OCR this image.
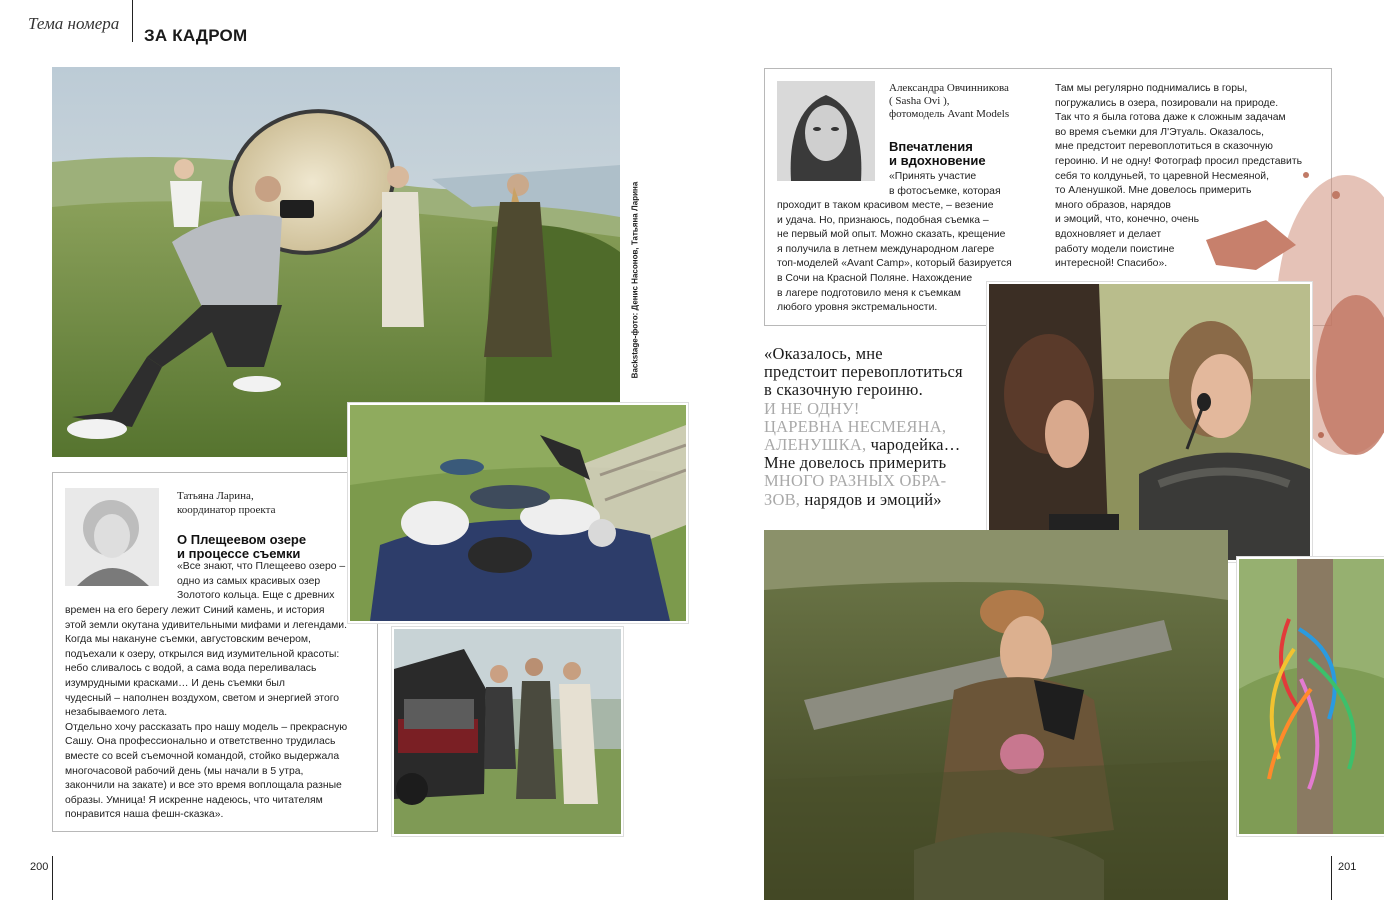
Тема номера
ЗА КАДРОМ
Backstage-фото: Денис Насонов, Татьяна Ларина
Татьяна Ларина,
координатор проекта
О Плещеевом озере
и процессе съемки
«Все знают, что Плещеево озеро –
одно из самых красивых озер
Золотого кольца. Еще с древних
времен на его берегу лежит Синий камень, и история
этой земли окутана удивительными мифами и легендами.
Когда мы накануне съемки, августовским вечером,
подъехали к озеру, открылся вид изумительной красоты:
небо сливалось с водой, а сама вода переливалась
изумрудными красками… И день съемки был
чудесный – наполнен воздухом, светом и энергией этого
незабываемого лета.
Отдельно хочу рассказать про нашу модель – прекрасную
Сашу. Она профессионально и ответственно трудилась
вместе со всей съемочной командой, стойко выдержала
многочасовой рабочий день (мы начали в 5 утра,
закончили на закате) и все это время воплощала разные
образы. Умница! Я искренне надеюсь, что читателям
понравится наша фешн-сказка».
Александра Овчинникова
( Sasha Ovi ),
фотомодель Avant Models
Впечатления
и вдохновение
«Принять участие
в фотосъемке, которая
проходит в таком красивом месте, – везение
и удача. Но, признаюсь, подобная съемка –
не первый мой опыт. Можно сказать, крещение
я получила в летнем международном лагере
топ-моделей «Avant Camp», который базируется
в Сочи на Красной Поляне. Нахождение
в лагере подготовило меня к съемкам
любого уровня экстремальности.
Там мы регулярно поднимались в горы,
погружались в озера, позировали на природе.
Так что я была готова даже к сложным задачам
во время съемки для Л'Этуаль. Оказалось,
мне предстоит перевоплотиться в сказочную
героиню. И не одну! Фотограф просил представить
себя то колдуньей, то царевной Несмеяной,
то Аленушкой. Мне довелось примерить
много образов, нарядов
и эмоций, что, конечно, очень
вдохновляет и делает
работу модели поистине
интересной! Спасибо».
«Оказалось, мне
предстоит перевоплотиться
в сказочную героиню.
И НЕ ОДНУ!
ЦАРЕВНА НЕСМЕЯНА,
АЛЕНУШКА, чародейка…
Мне довелось примерить
МНОГО РАЗНЫХ ОБРА-
ЗОВ, нарядов и эмоций»
200	201
